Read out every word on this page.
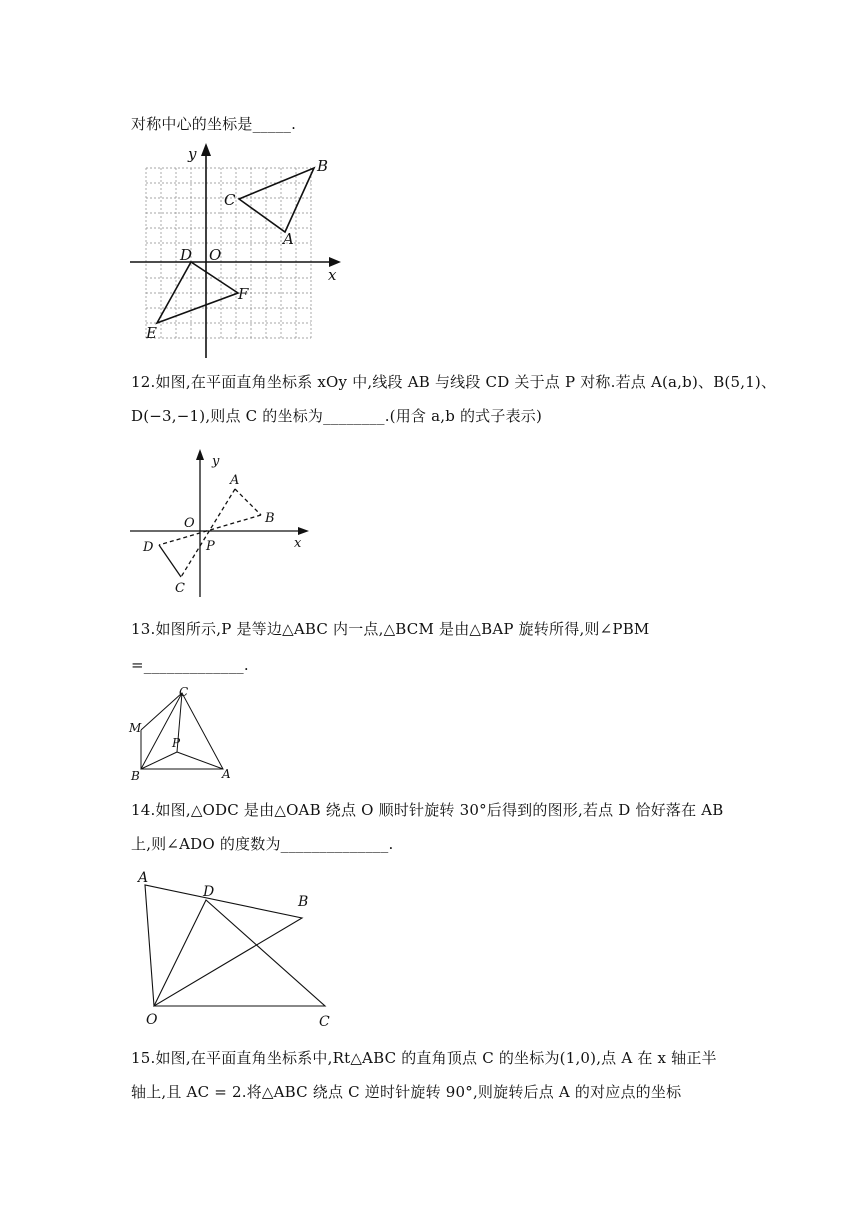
对称中心的坐标是_____.
y
x
O
B
C
A
D
F
E
12.如图,在平面直角坐标系 xOy 中,线段 AB 与线段 CD 关于点 P 对称.若点 A(a,b)、B(5,1)、
D(−3,−1),则点 C 的坐标为________.(用含 a,b 的式子表示)
y
x
O
P
A
B
D
C
13.如图所示,P 是等边△ABC 内一点,△BCM 是由△BAP 旋转所得,则∠PBM
=_____________.
C
M
P
B	A
14.如图,△ODC 是由△OAB 绕点 O 顺时针旋转 30°后得到的图形,若点 D 恰好落在 AB
上,则∠ADO 的度数为______________.
A
D
B
O	C
15.如图,在平面直角坐标系中,Rt△ABC 的直角顶点 C 的坐标为(1,0),点 A 在 x 轴正半
轴上,且 AC = 2.将△ABC 绕点 C 逆时针旋转 90°,则旋转后点 A 的对应点的坐标
